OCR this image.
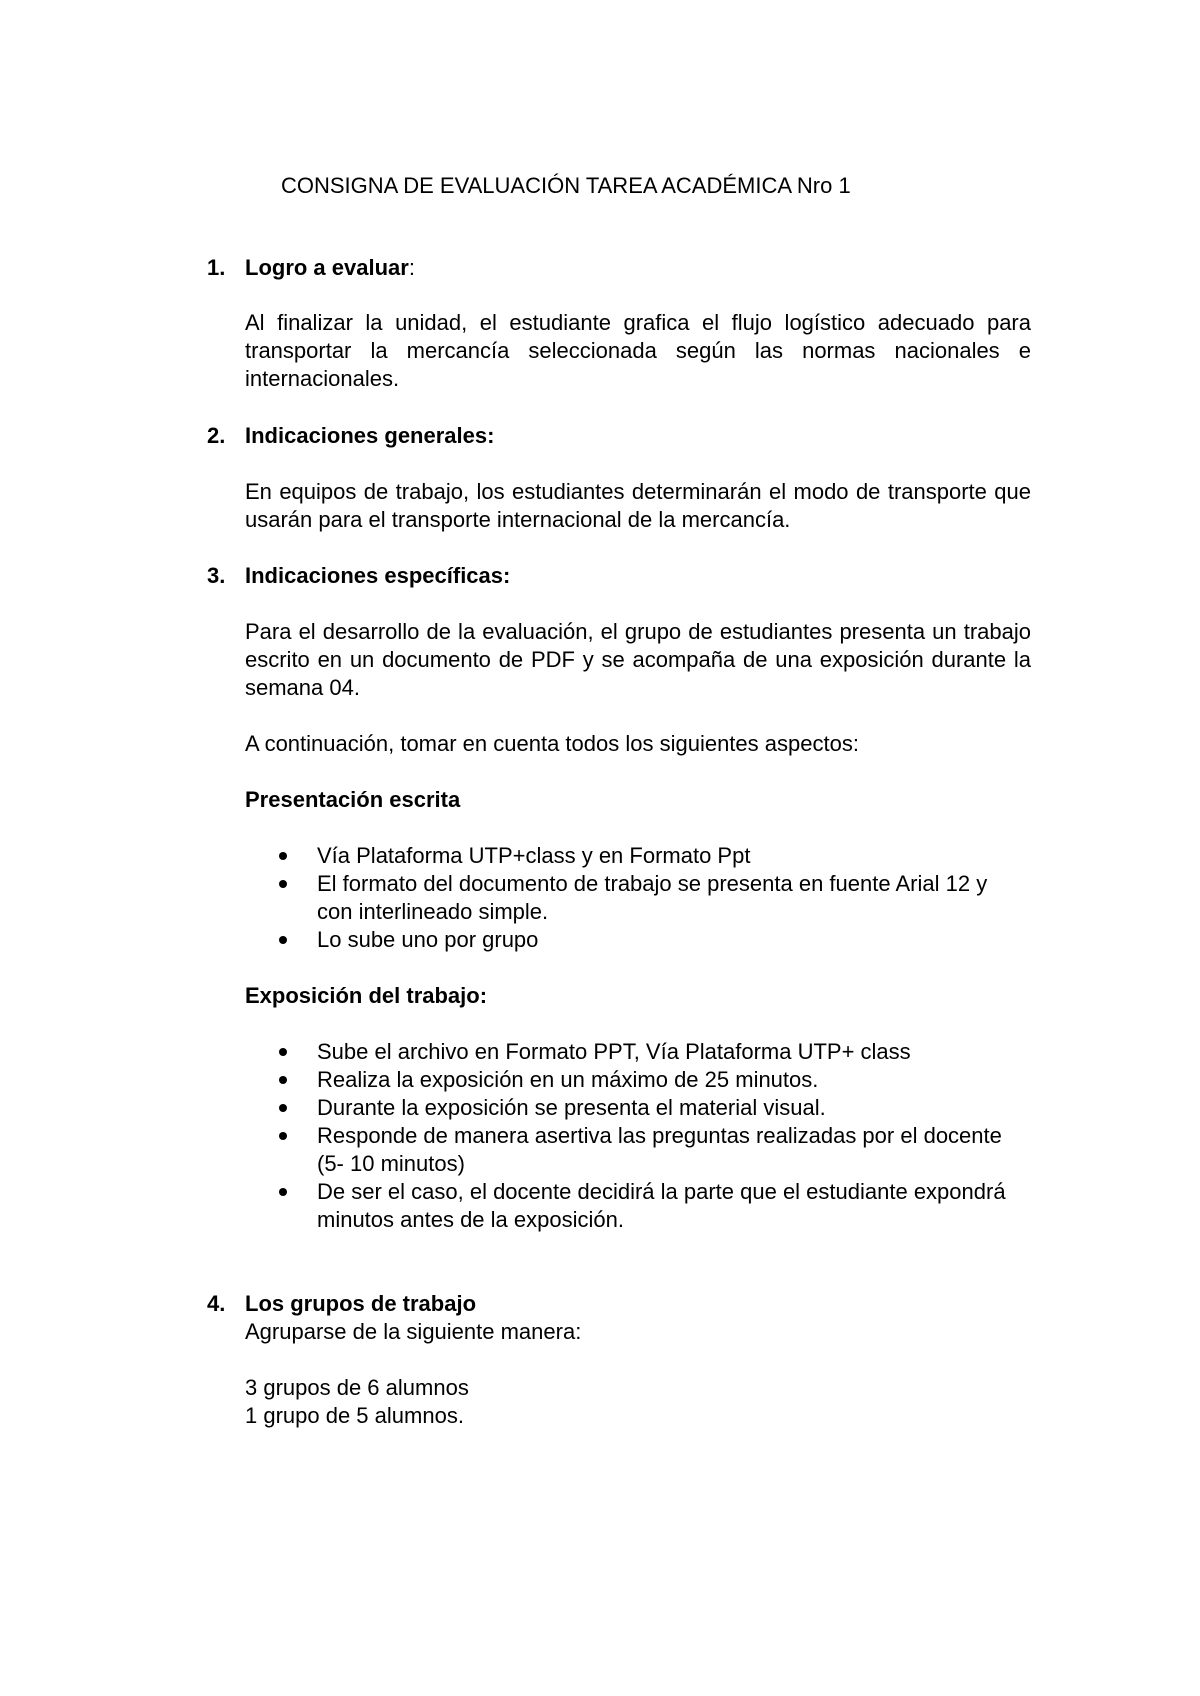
CONSIGNA DE EVALUACIÓN TAREA ACADÉMICA Nro 1
1. Logro a evaluar:

Al finalizar la unidad, el estudiante grafica el flujo logístico adecuado para transportar la mercancía seleccionada según las normas nacionales e internacionales.

2. Indicaciones generales:

En equipos de trabajo, los estudiantes determinarán el modo de transporte que usarán para el transporte internacional de la mercancía.

3. Indicaciones específicas:

Para el desarrollo de la evaluación, el grupo de estudiantes presenta un trabajo escrito en un documento de PDF y se acompaña de una exposición durante la semana 04.

A continuación, tomar en cuenta todos los siguientes aspectos:

Presentación escrita
Vía Plataforma UTP+class y en Formato Ppt
El formato del documento de trabajo se presenta en fuente Arial 12 y con interlineado simple.
Lo sube uno por grupo
Exposición del trabajo:
Sube el archivo en Formato PPT, Vía Plataforma UTP+ class
Realiza la exposición en un máximo de 25 minutos.
Durante la exposición se presenta el material visual.
Responde de manera asertiva las preguntas realizadas por el docente (5- 10 minutos)
De ser el caso, el docente decidirá la parte que el estudiante expondrá minutos antes de la exposición.
4. Los grupos de trabajo

Agruparse de la siguiente manera:

3 grupos de 6 alumnos

1 grupo de 5 alumnos.
